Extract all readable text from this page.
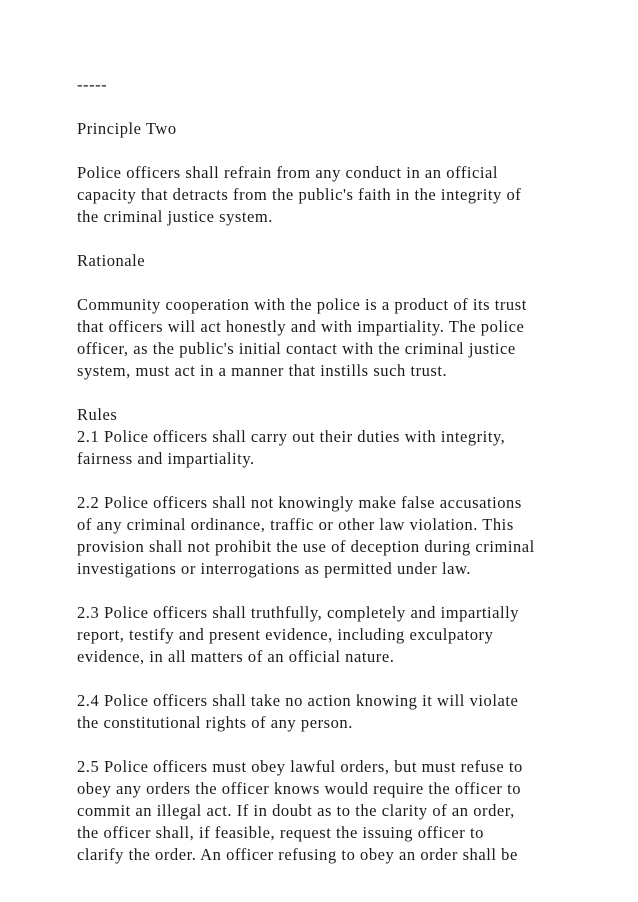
-----
Principle Two
Police officers shall refrain from any conduct in an official
capacity that detracts from the public's faith in the integrity of
the criminal justice system.
Rationale
Community cooperation with the police is a product of its trust
that officers will act honestly and with impartiality. The police
officer, as the public's initial contact with the criminal justice
system, must act in a manner that instills such trust.
Rules
2.1 Police officers shall carry out their duties with integrity,
fairness and impartiality.
2.2 Police officers shall not knowingly make false accusations
of any criminal ordinance, traffic or other law violation. This
provision shall not prohibit the use of deception during criminal
investigations or interrogations as permitted under law.
2.3 Police officers shall truthfully, completely and impartially
report, testify and present evidence, including exculpatory
evidence, in all matters of an official nature.
2.4 Police officers shall take no action knowing it will violate
the constitutional rights of any person.
2.5 Police officers must obey lawful orders, but must refuse to
obey any orders the officer knows would require the officer to
commit an illegal act. If in doubt as to the clarity of an order,
the officer shall, if feasible, request the issuing officer to
clarify the order. An officer refusing to obey an order shall be
